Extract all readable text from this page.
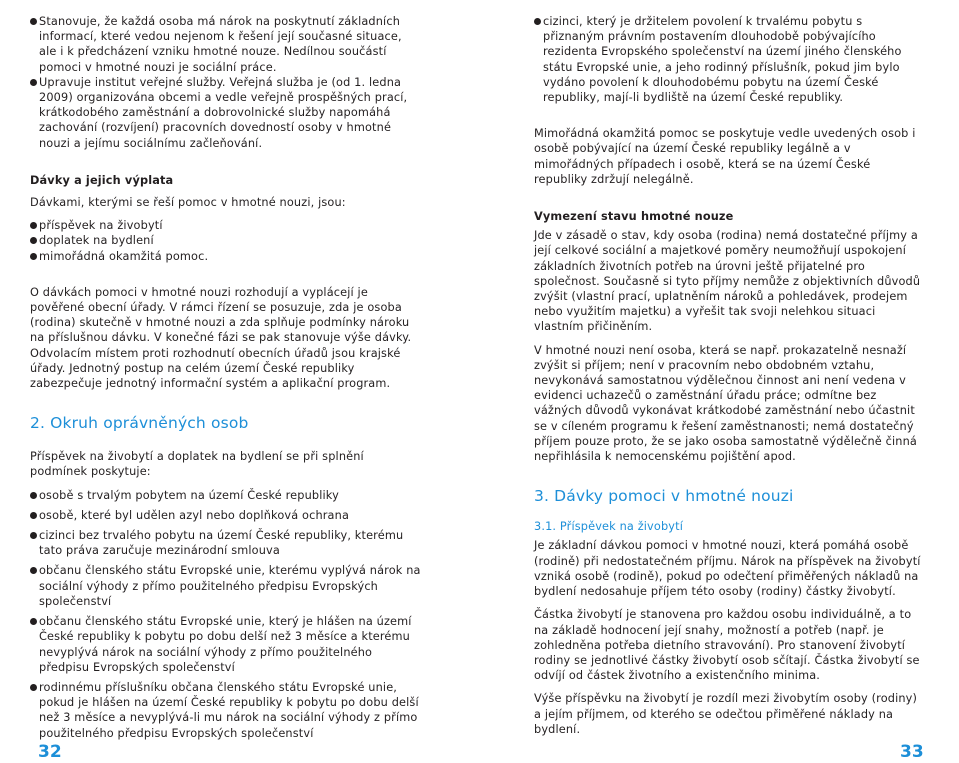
Stanovuje, že každá osoba má nárok na poskytnutí základních informací, které vedou nejenom k řešení její současné situace, ale i k předcházení vzniku hmotné nouze. Nedílnou součástí pomoci v hmotné nouzi je sociální práce.
Upravuje institut veřejné služby. Veřejná služba je (od 1. ledna 2009) organizována obcemi a vedle veřejně prospěšných prací, krátkodobého zaměstnání a dobrovolnické služby napomáhá zachování (rozvíjení) pracovních dovedností osoby v hmotné nouzi a jejímu sociálnímu začleňování.

Dávky a jejich výplata

Dávkami, kterými se řeší pomoc v hmotné nouzi, jsou:

příspěvek na živobytí
doplatek na bydlení
mimořádná okamžitá pomoc.

O dávkách pomoci v hmotné nouzi rozhodují a vyplácejí je pověřené obecní úřady. V rámci řízení se posuzuje, zda je osoba (rodina) skutečně v hmotné nouzi a zda splňuje podmínky nároku na příslušnou dávku. V konečné fázi se pak stanovuje výše dávky. Odvolacím místem proti rozhodnutí obecních úřadů jsou krajské úřady. Jednotný postup na celém území České republiky zabezpečuje jednotný informační systém a aplikační program.

2. Okruh oprávněných osob

Příspěvek na živobytí a doplatek na bydlení se při splnění podmínek poskytuje:

osobě s trvalým pobytem na území České republiky
osobě, které byl udělen azyl nebo doplňková ochrana
cizinci bez trvalého pobytu na území České republiky, kterému tato práva zaručuje mezinárodní smlouva
občanu členského státu Evropské unie, kterému vyplývá nárok na sociální výhody z přímo použitelného předpisu Evropských společenství
občanu členského státu Evropské unie, který je hlášen na území České republiky k pobytu po dobu delší než 3 měsíce a kterému nevyplývá nárok na sociální výhody z přímo použitelného předpisu Evropských společenství
rodinnému příslušníku občana členského státu Evropské unie, pokud je hlášen na území České republiky k pobytu po dobu delší než 3 měsíce a nevyplývá-li mu nárok na sociální výhody z přímo použitelného předpisu Evropských společenství
cizinci, který je držitelem povolení k trvalému pobytu s přiznaným právním postavením dlouhodobě pobývajícího rezidenta Evropského společenství na území jiného členského státu Evropské unie, a jeho rodinný příslušník, pokud jim bylo vydáno povolení k dlouhodobému pobytu na území České republiky, mají-li bydliště na území České republiky.

Mimořádná okamžitá pomoc se poskytuje vedle uvedených osob i osobě pobývající na území České republiky legálně a v mimořádných případech i osobě, která se na území České republiky zdržují nelegálně.

Vymezení stavu hmotné nouze

Jde v zásadě o stav, kdy osoba (rodina) nemá dostatečné příjmy a její celkové sociální a majetkové poměry neumožňují uspokojení základních životních potřeb na úrovni ještě přijatelné pro společnost. Současně si tyto příjmy nemůže z objektivních důvodů zvýšit (vlastní prací, uplatněním nároků a pohledávek, prodejem nebo využitím majetku) a vyřešit tak svoji nelehkou situaci vlastním přičiněním.

V hmotné nouzi není osoba, která se např. prokazatelně nesnaží zvýšit si příjem; není v pracovním nebo obdobném vztahu, nevykonává samostatnou výdělečnou činnost ani není vedena v evidenci uchazečů o zaměstnání úřadu práce; odmítne bez vážných důvodů vykonávat krátkodobé zaměstnání nebo účastnit se v cíleném programu k řešení zaměstnanosti; nemá dostatečný příjem pouze proto, že se jako osoba samostatně výdělečně činná nepřihlásila k nemocenskému pojištění apod.

3. Dávky pomoci v hmotné nouzi

3.1. Příspěvek na živobytí

Je základní dávkou pomoci v hmotné nouzi, která pomáhá osobě (rodině) při nedostatečném příjmu. Nárok na příspěvek na živobytí vzniká osobě (rodině), pokud po odečtení přiměřených nákladů na bydlení nedosahuje příjem této osoby (rodiny) částky živobytí.

Částka živobytí je stanovena pro každou osobu individuálně, a to na základě hodnocení její snahy, možností a potřeb (např. je zohledněna potřeba dietního stravování). Pro stanovení živobytí rodiny se jednotlivé částky živobytí osob sčítají. Částka živobytí se odvíjí od částek životního a existenčního minima.

Výše příspěvku na živobytí je rozdíl mezi živobytím osoby (rodiny) a jejím příjmem, od kterého se odečtou přiměřené náklady na bydlení.

32	33
